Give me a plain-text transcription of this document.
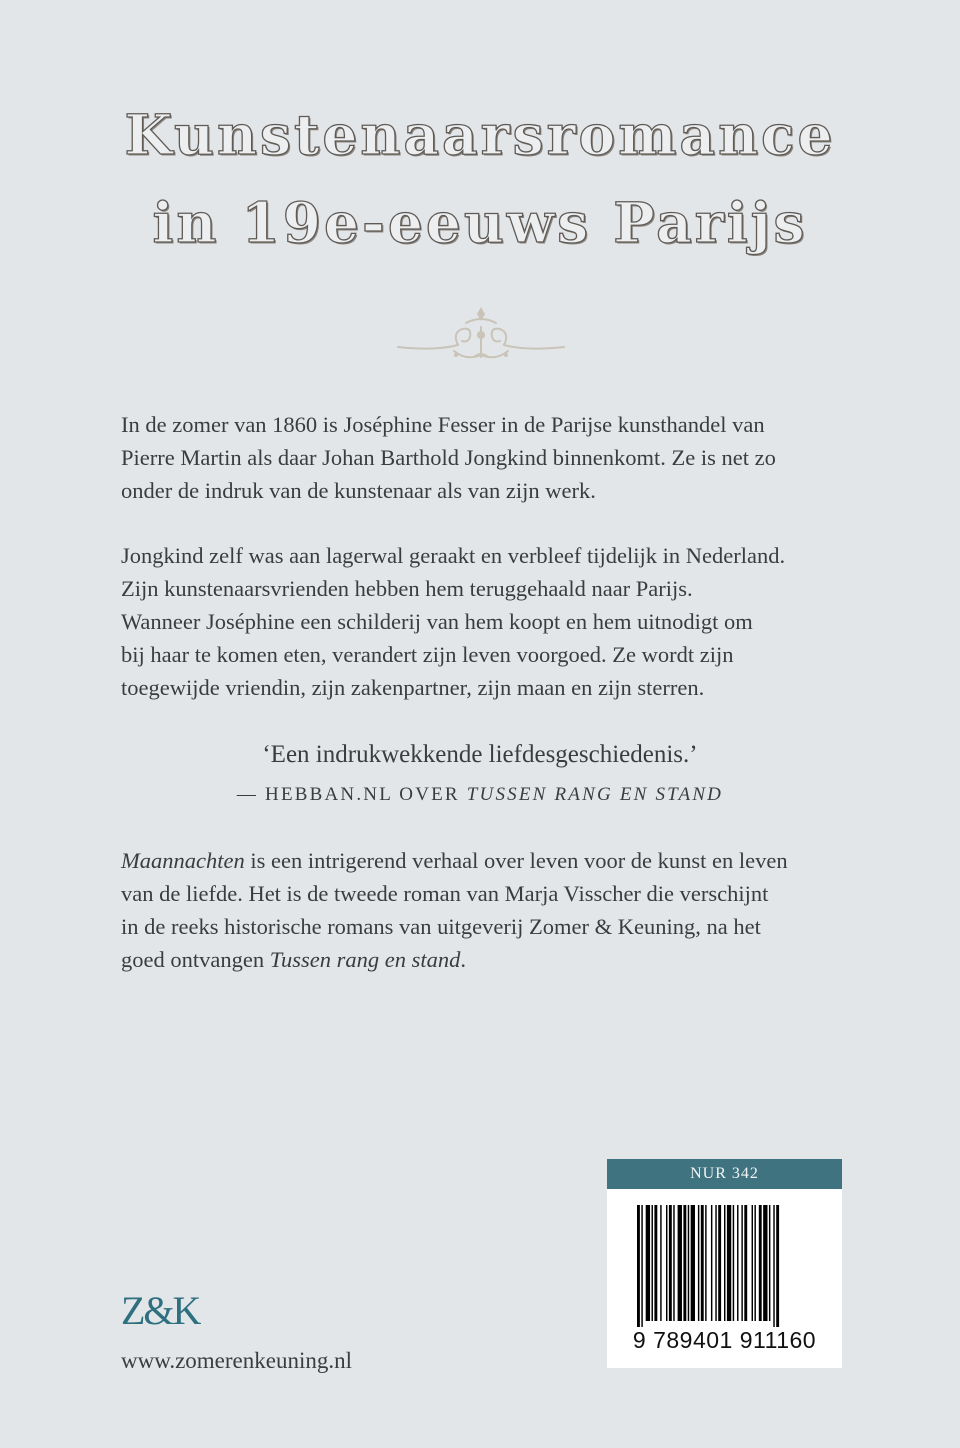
Kunstenaarsromance
in 19e-eeuws Parijs
In de zomer van 1860 is Joséphine Fesser in de Parijse kunsthandel van
Pierre Martin als daar Johan Barthold Jongkind binnenkomt. Ze is net zo
onder de indruk van de kunstenaar als van zijn werk.
Jongkind zelf was aan lagerwal geraakt en verbleef tijdelijk in Nederland.
Zijn kunstenaarsvrienden hebben hem teruggehaald naar Parijs.
Wanneer Joséphine een schilderij van hem koopt en hem uitnodigt om
bij haar te komen eten, verandert zijn leven voorgoed. Ze wordt zijn
toegewijde vriendin, zijn zakenpartner, zijn maan en zijn sterren.

‘Een indrukwekkende liefdesgeschiedenis.’

— HEBBAN.NL OVER TUSSEN RANG EN STAND

Maannachten is een intrigerend verhaal over leven voor de kunst en leven
van de liefde. Het is de tweede roman van Marja Visscher die verschijnt
in de reeks historische romans van uitgeverij Zomer & Keuning, na het
goed ontvangen Tussen rang en stand.
NUR 342
9 789401 911160

Z&K

www.zomerenkeuning.nl
